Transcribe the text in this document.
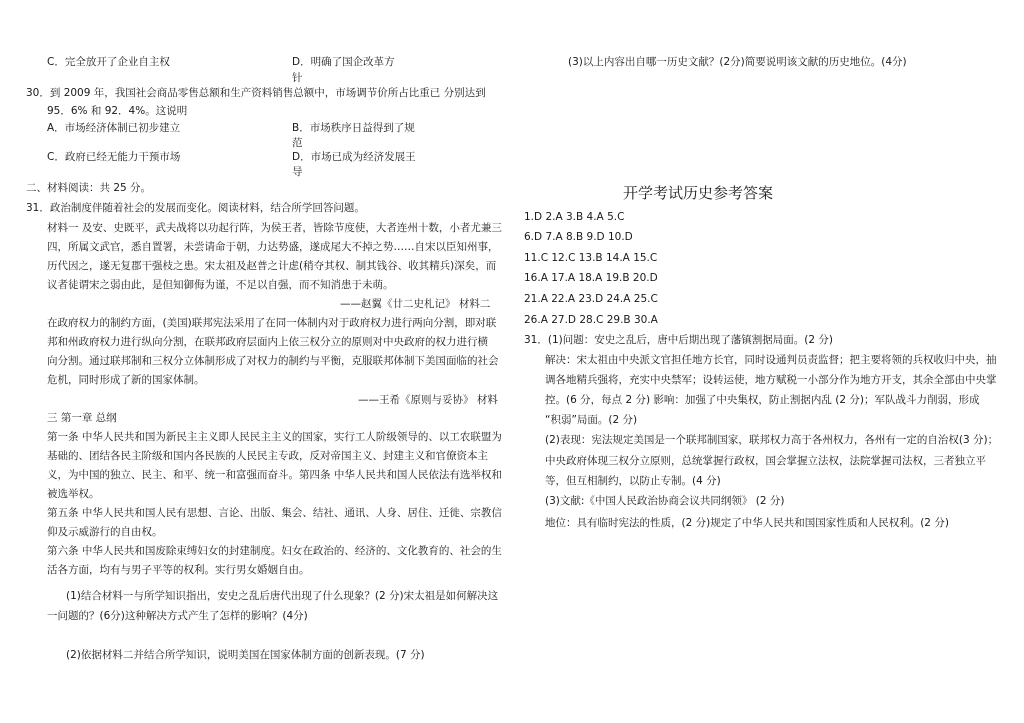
C．完全放开了企业自主权	D．明确了国企改革方
针
30．到 2009 年，我国社会商品零售总额和生产资料销售总额中，市场调节价所占比重已 分别达到
95．6% 和 92．4%。这说明
A．市场经济体制已初步建立	B．市场秩序日益得到了规
范
C．政府已经无能力干预市场	D．市场已成为经济发展王
导
二、材料阅读：共 25 分。
31．政治制度伴随着社会的发展而变化。阅读材料，结合所学回答问题。
材料一 及安、史既平，武夫战将以功起行阵，为侯王者，皆除节度使，大者连州十数，小者尤兼三
四，所属文武官，悉自置署，未尝请命于朝，力达势盛，遂成尾大不掉之势……自宋以臣知州事，
历代因之，遂无复郡干强枝之患。宋太祖及赵普之计虑(稍夺其权、制其钱谷、收其精兵)深矣，而
议者徒谓宋之弱由此，是但知御侮为谨，不足以自强，而不知消患于未萌。
——赵翼《廿二史札记》 材料二
在政府权力的制约方面，(美国)联邦宪法采用了在同一体制内对于政府权力进行两向分割，即对联
邦和州政府权力进行纵向分割，在联邦政府层面内上依三权分立的原则对中央政府的权力进行横
向分割。通过联邦制和三权分立体制形成了对权力的制约与平衡，克服联邦体制下美国面临的社会
危机，同时形成了新的国家体制。
——王希《原则与妥协》 材料
三 第一章 总纲
第一条 中华人民共和国为新民主主义即人民民主主义的国家，实行工人阶级领导的、以工农联盟为
基础的、团结各民主阶级和国内各民族的人民民主专政，反对帝国主义、封建主义和官僚资本主
义，为中国的独立、民主、和平、统一和富强而奋斗。第四条 中华人民共和国人民依法有选举权和
被选举权。
第五条 中华人民共和国人民有思想、言论、出版、集会、结社、通讯、人身、居住、迁徙、宗教信
仰及示威游行的自由权。
第六条 中华人民共和国废除束缚妇女的封建制度。妇女在政治的、经济的、文化教育的、社会的生
活各方面，均有与男子平等的权利。实行男女婚姻自由。
(1)结合材料一与所学知识指出，安史之乱后唐代出现了什么现象？(2 分)宋太祖是如何解决这
一问题的？(6分)这种解决方式产生了怎样的影响？(4分)
(2)依据材料二并结合所学知识，说明美国在国家体制方面的创新表现。(7 分)
(3)以上内容出自哪一历史文献？(2分)简要说明该文献的历史地位。(4分)
开学考试历史参考答案
1.D 2.A 3.B 4.A 5.C
6.D 7.A 8.B 9.D 10.D
11.C 12.C 13.B 14.A 15.C
16.A 17.A 18.A 19.B 20.D
21.A 22.A 23.D 24.A 25.C
26.A 27.D 28.C 29.B 30.A
31．(1)问题：安史之乱后，唐中后期出现了藩镇割据局面。(2 分)
解决：宋太祖由中央派文官担任地方长官，同时设通判员责监督；把主要将领的兵权收归中央，抽
调各地精兵强将，充实中央禁军；设转运使，地方赋税一小部分作为地方开支，其余全部由中央掌
控。(6 分，每点 2 分) 影响：加强了中央集权，防止割据内乱 (2 分)；军队战斗力削弱，形成
“积弱”局面。(2 分)
(2)表现：宪法规定美国是一个联邦制国家，联邦权力高于各州权力，各州有一定的自治权(3 分)；
中央政府体现三权分立原则，总统掌握行政权，国会掌握立法权，法院掌握司法权，三者独立平
等，但互相制约，以防止专制。(4 分)
(3)文献:《中国人民政治协商会议共同纲领》 (2 分)
地位：具有临时宪法的性质，(2 分)规定了中华人民共和国国家性质和人民权利。(2 分)
